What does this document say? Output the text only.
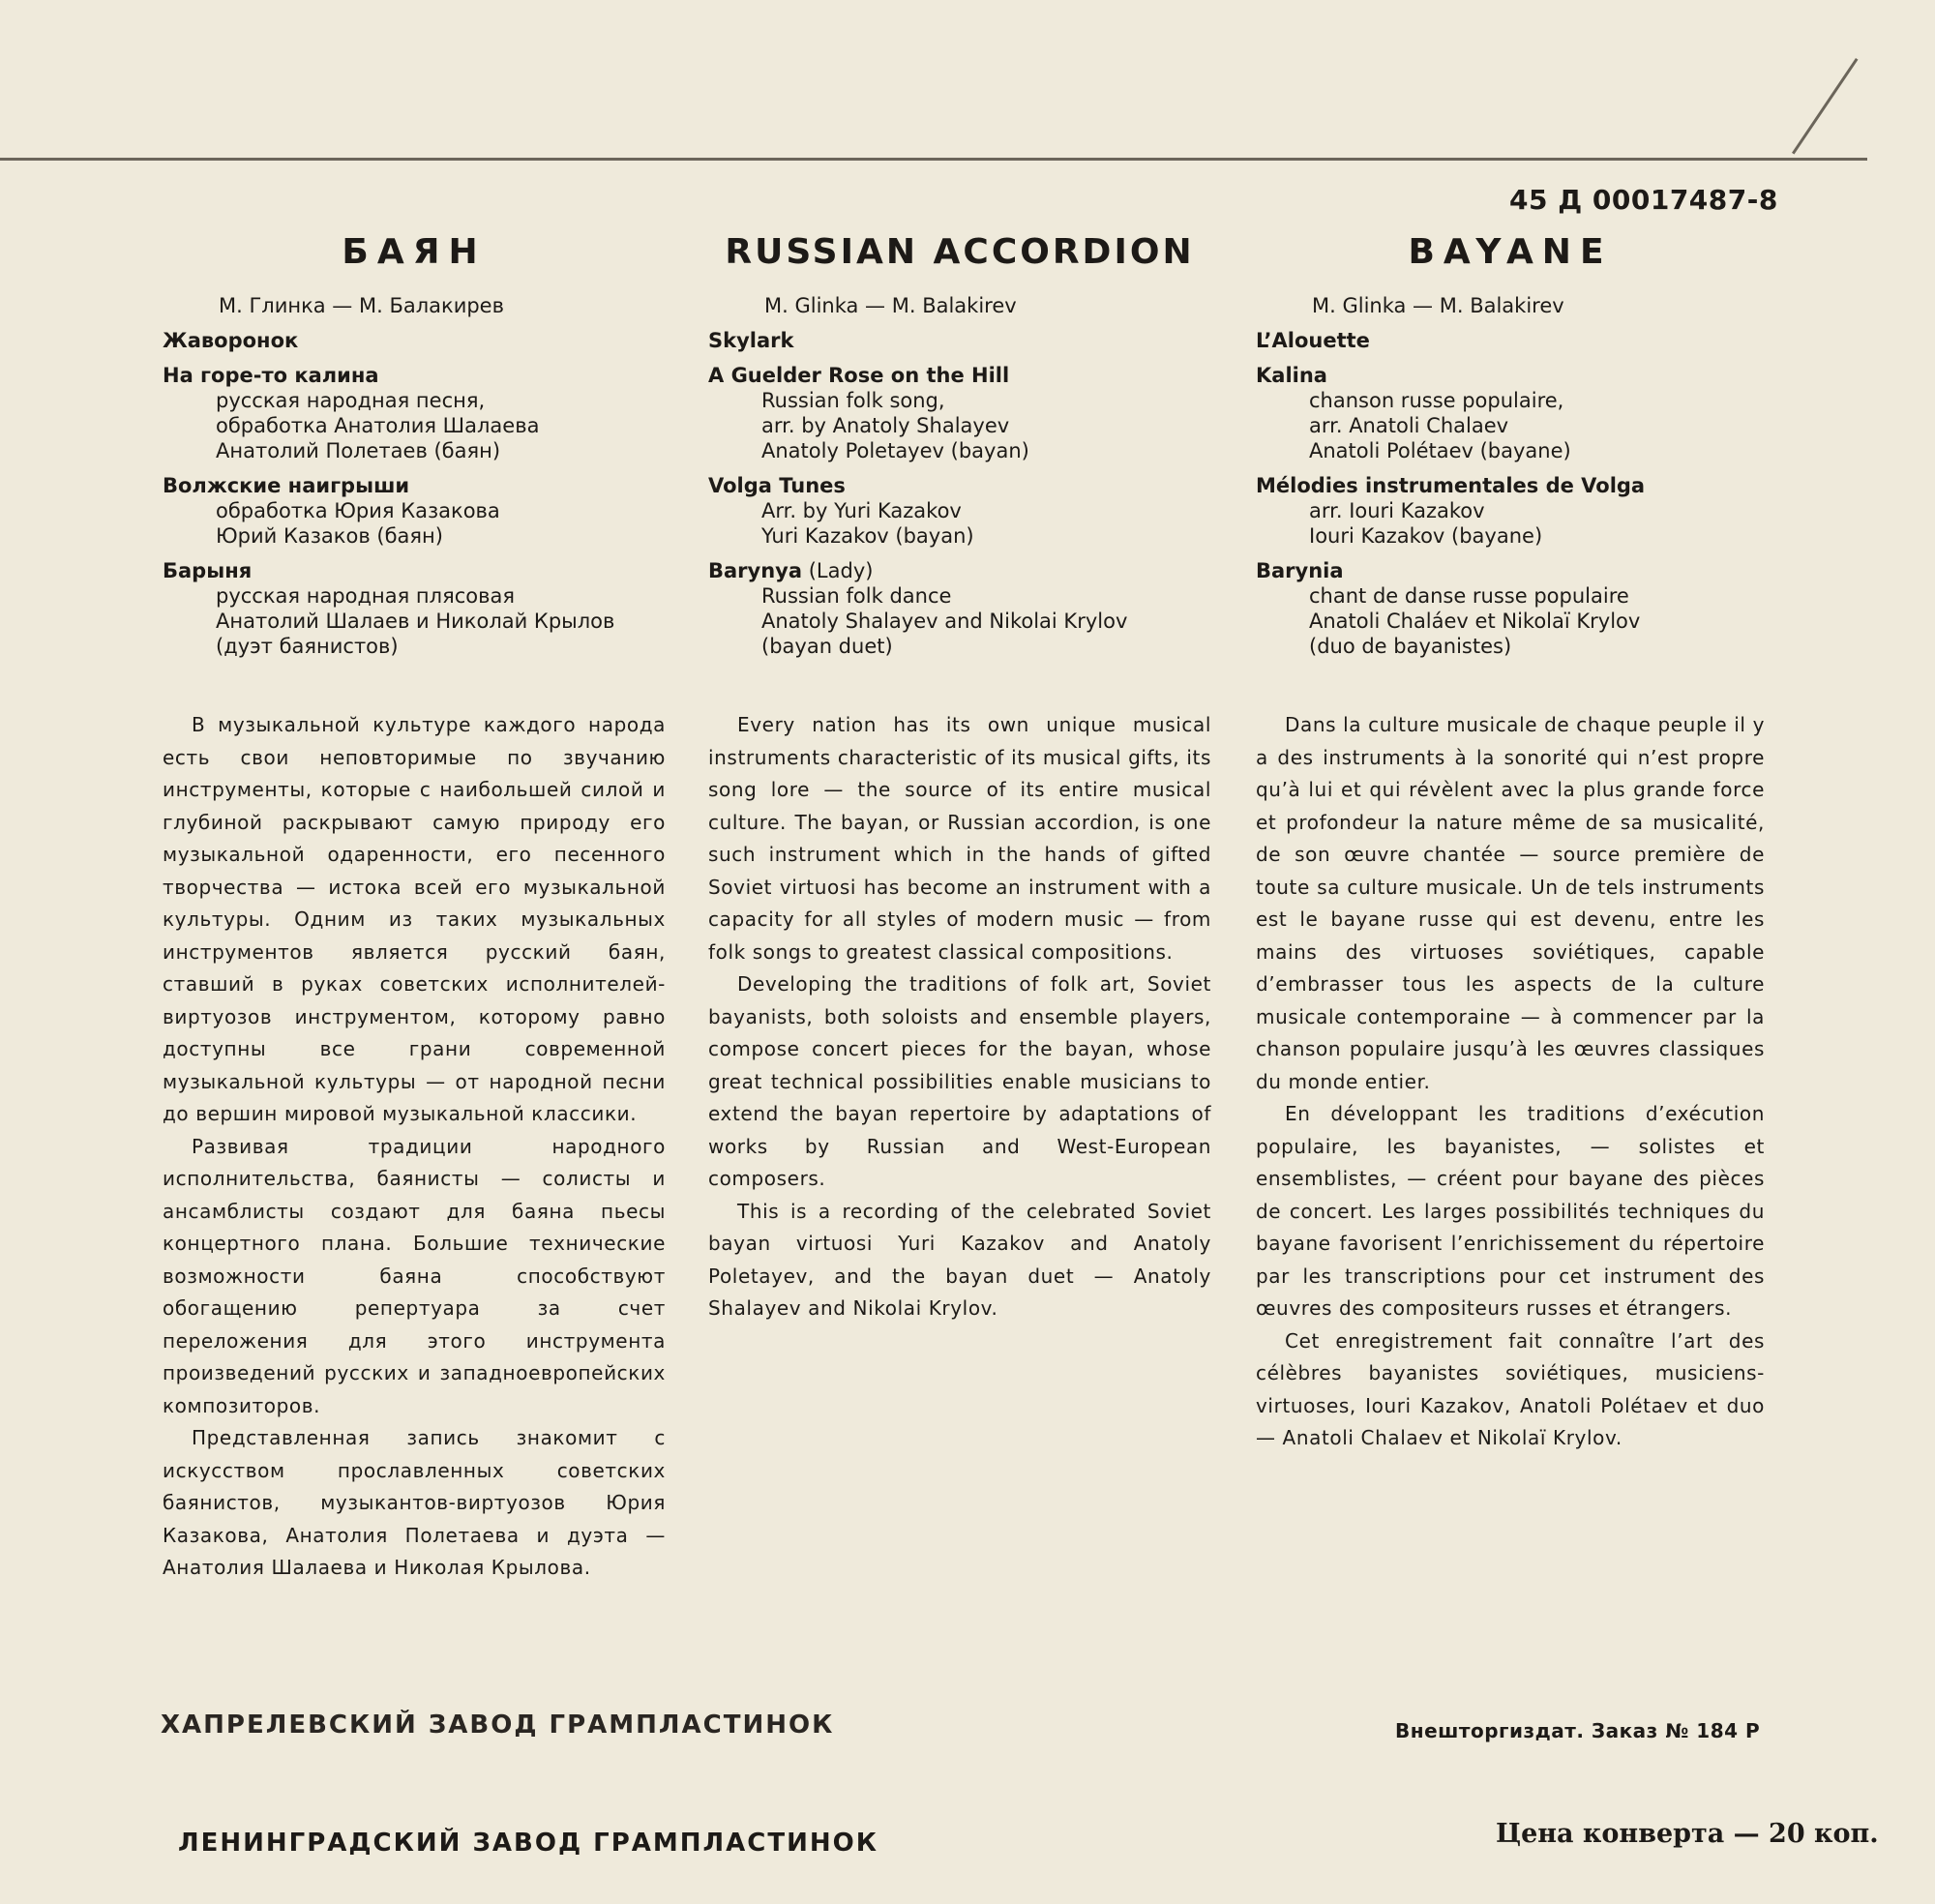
45 Д 00017487-8
БАЯН
М. Глинка — М. Балакирев
Жаворонок
На горе-то калина
русская народная песня,
обработка Анатолия Шалаева
Анатолий Полетаев (баян)
Волжские наигрыши
обработка Юрия Казакова
Юрий Казаков (баян)
Барыня
русская народная плясовая
Анатолий Шалаев и Николай Крылов
(дуэт баянистов)

В музыкальной культуре каждого народа есть свои неповторимые по звучанию инструменты, которые с наибольшей силой и глубиной раскрывают самую природу его музыкальной одаренности, его песенного творчества — истока всей его музыкальной культуры. Одним из таких музыкальных инструментов является русский баян, ставший в руках советских исполнителей-виртуозов инструментом, которому равно доступны все грани современной музыкальной культуры — от народной песни до вершин мировой музыкальной классики.

Развивая традиции народного исполнительства, баянисты — солисты и ансамблисты создают для баяна пьесы концертного плана. Большие технические возможности баяна способствуют обогащению репертуара за счет переложения для этого инструмента произведений русских и западноевропейских композиторов.

Представленная запись знакомит с искусством прославленных советских баянистов, музыкантов-виртуозов Юрия Казакова, Анатолия Полетаева и дуэта — Анатолия Шалаева и Николая Крылова.

RUSSIAN ACCORDION
M. Glinka — M. Balakirev
Skylark
A Guelder Rose on the Hill
Russian folk song,
arr. by Anatoly Shalayev
Anatoly Poletayev (bayan)
Volga Tunes
Arr. by Yuri Kazakov
Yuri Kazakov (bayan)
Barynya (Lady)
Russian folk dance
Anatoly Shalayev and Nikolai Krylov
(bayan duet)

Every nation has its own unique musical instruments characteristic of its musical gifts, its song lore — the source of its entire musical culture. The bayan, or Russian accordion, is one such instrument which in the hands of gifted Soviet virtuosi has become an instrument with a capacity for all styles of modern music — from folk songs to greatest classical compositions.

Developing the traditions of folk art, Soviet bayanists, both soloists and ensemble players, compose concert pieces for the bayan, whose great technical possibilities enable musicians to extend the bayan repertoire by adaptations of works by Russian and West-European composers.

This is a recording of the celebrated Soviet bayan virtuosi Yuri Kazakov and Anatoly Poletayev, and the bayan duet — Anatoly Shalayev and Nikolai Krylov.

BAYANE
M. Glinka — M. Balakirev
L’Alouette
Kalina
chanson russe populaire,
arr. Anatoli Chalaev
Anatoli Polétaev (bayane)
Mélodies instrumentales de Volga
arr. Iouri Kazakov
Iouri Kazakov (bayane)
Barynia
chant de danse russe populaire
Anatoli Chaláev et Nikolaï Krylov
(duo de bayanistes)

Dans la culture musicale de chaque peuple il y a des instruments à la sonorité qui n’est propre qu’à lui et qui révèlent avec la plus grande force et profondeur la nature même de sa musicalité, de son œuvre chantée — source première de toute sa culture musicale. Un de tels instruments est le bayane russe qui est devenu, entre les mains des virtuoses soviétiques, capable d’embrasser tous les aspects de la culture musicale contemporaine — à commencer par la chanson populaire jusqu’à les œuvres classiques du monde entier.

En développant les traditions d’exécution populaire, les bayanistes, — solistes et ensemblistes, — créent pour bayane des pièces de concert. Les larges possibilités techniques du bayane favorisent l’enrichissement du répertoire par les transcriptions pour cet instrument des œuvres des compositeurs russes et étrangers.

Cet enregistrement fait connaître l’art des célèbres bayanistes soviétiques, musiciens-virtuoses, Iouri Kazakov, Anatoli Polétaev et duo — Anatoli Chalaev et Nikolaï Krylov.

ХАПРЕЛЕВСКИЙ ЗАВОД ГРАМПЛАСТИНОК	Внешторгиздат. Заказ № 184 Р
ЛЕНИНГРАДСКИЙ ЗАВОД ГРАМПЛАСТИНОК	Цена конверта — 20 коп.
